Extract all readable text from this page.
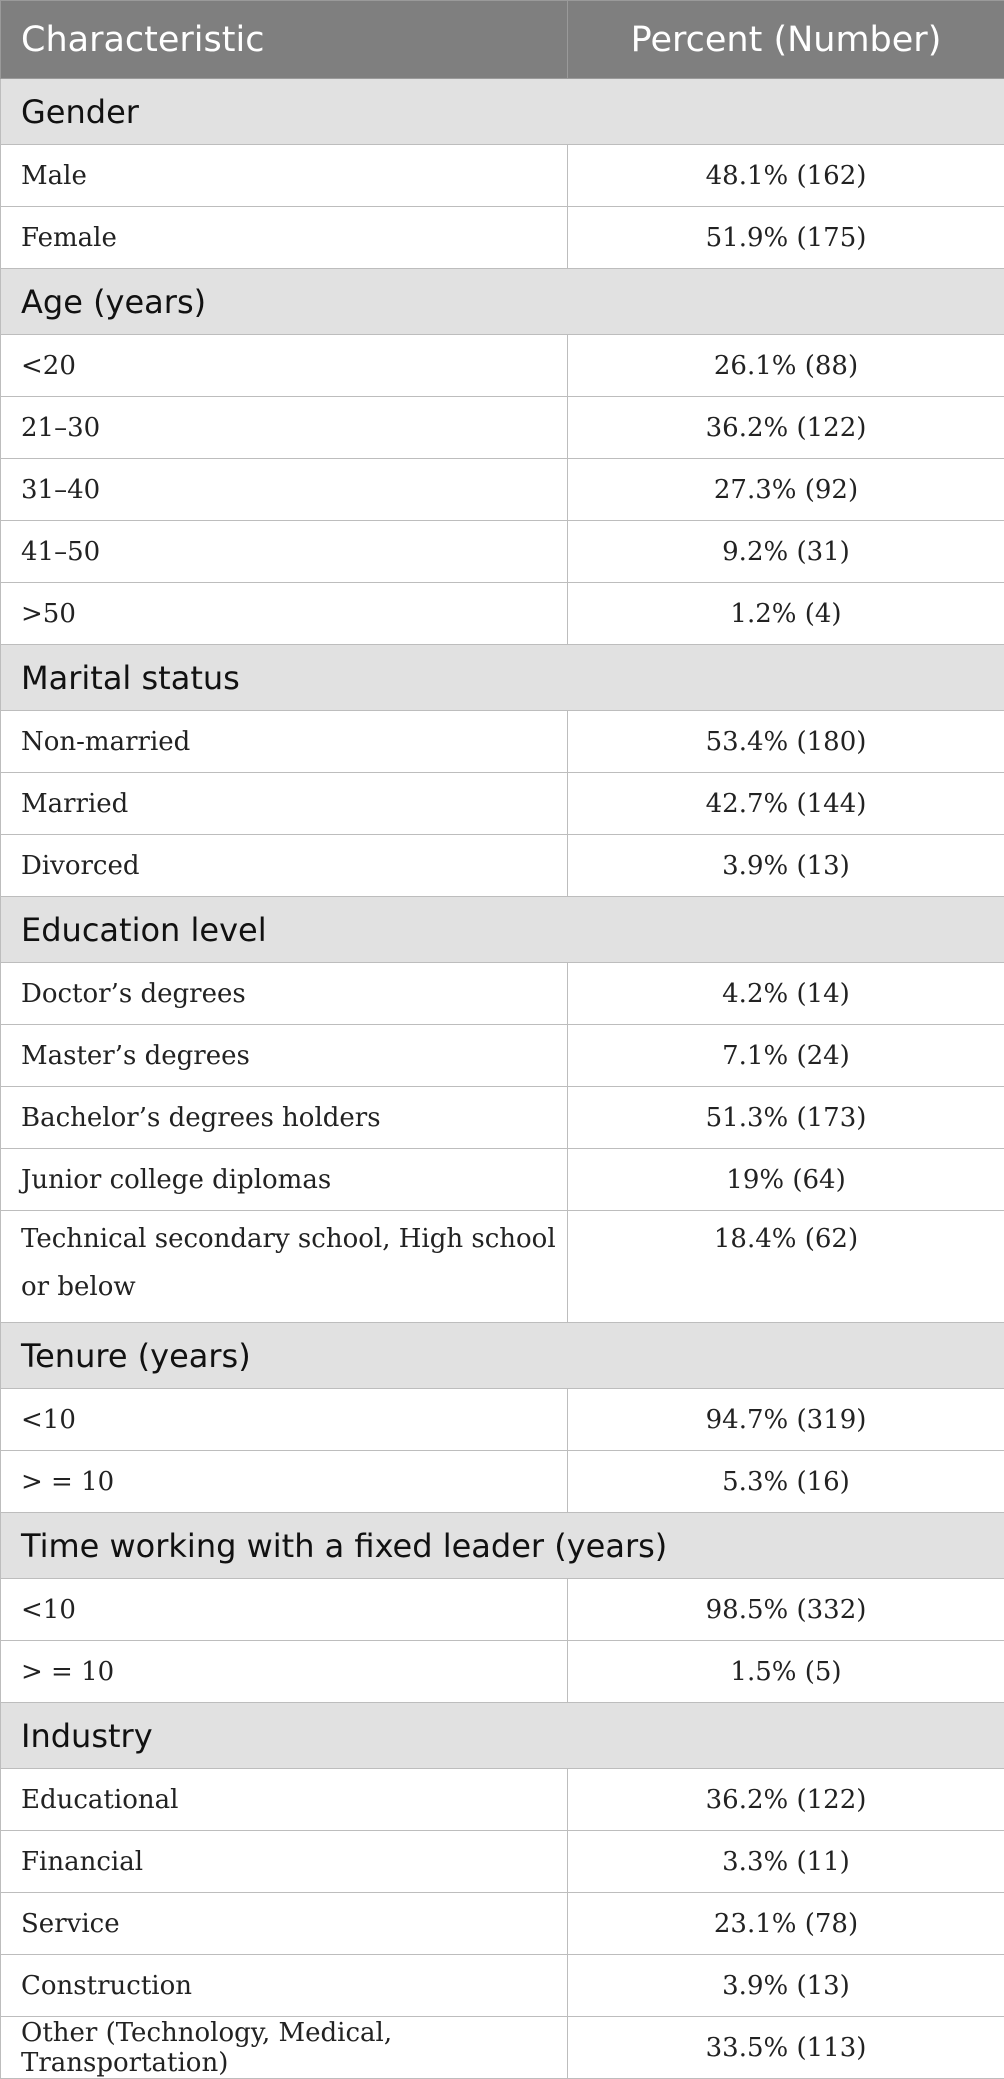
Characteristic	Percent (Number)
Gender	
Male	48.1% (162)
Female	51.9% (175)
Age (years)	
<20	26.1% (88)
21–30	36.2% (122)
31–40	27.3% (92)
41–50	9.2% (31)
>50	1.2% (4)
Marital status	
Non-married	53.4% (180)
Married	42.7% (144)
Divorced	3.9% (13)
Education level	
Doctor’s degrees	4.2% (14)
Master’s degrees	7.1% (24)
Bachelor’s degrees holders	51.3% (173)
Junior college diplomas	19% (64)
Technical secondary school, High school or below	18.4% (62)
Tenure (years)	
<10	94.7% (319)
> = 10	5.3% (16)
Time working with a fixed leader (years)	
<10	98.5% (332)
> = 10	1.5% (5)
Industry	
Educational	36.2% (122)
Financial	3.3% (11)
Service	23.1% (78)
Construction	3.9% (13)
Other (Technology, Medical, Transportation)	33.5% (113)
